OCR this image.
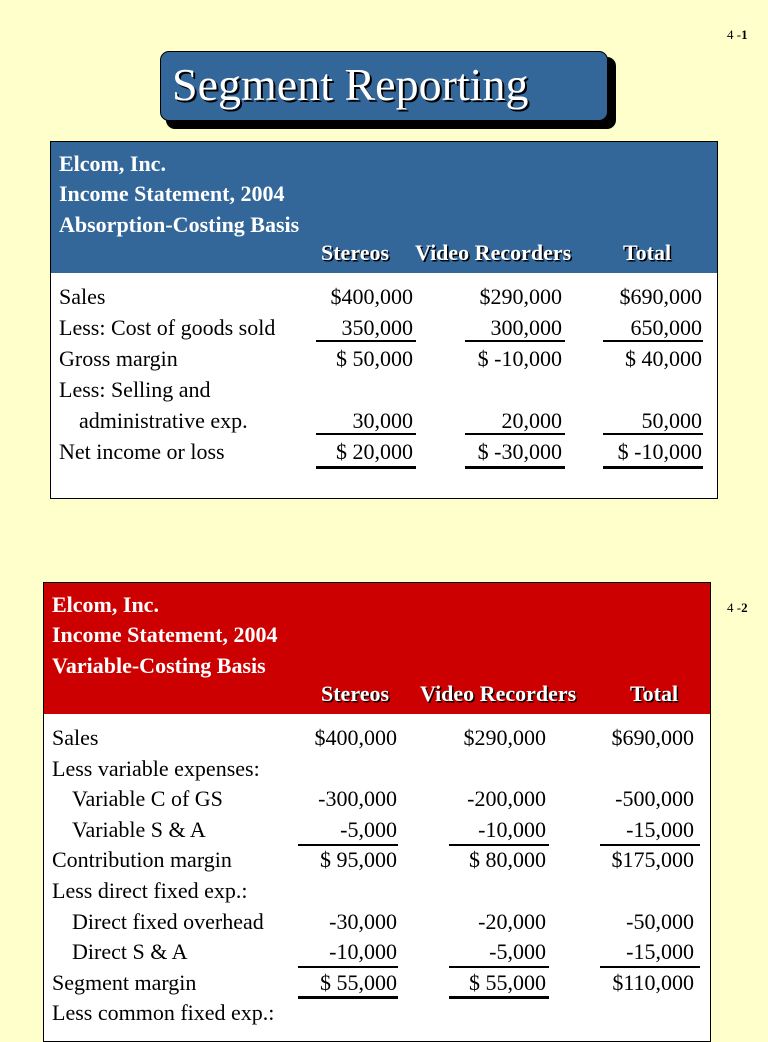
4 -1
4 -2
Segment Reporting
Elcom, Inc.
Income Statement, 2004
Absorption-Costing Basis
Stereos Video Recorders Total
Sales	$400,000	$290,000	$690,000
Less: Cost of goods sold	350,000	300,000	650,000
Gross margin	$ 50,000	$ -10,000	$ 40,000
Less: Selling and
administrative exp.	30,000	20,000	50,000
Net income or loss	$ 20,000	$ -30,000	$ -10,000
Elcom, Inc.
Income Statement, 2004
Variable-Costing Basis
Stereos Video Recorders Total
Sales	$400,000	$290,000	$690,000
Less variable expenses:
Variable C of GS	-300,000	-200,000	-500,000
Variable S & A	-5,000	-10,000	-15,000
Contribution margin	$ 95,000	$ 80,000	$175,000
Less direct fixed exp.:
Direct fixed overhead	-30,000	-20,000	-50,000
Direct S & A	-10,000	-5,000	-15,000
Segment margin	$ 55,000	$ 55,000	$110,000
Less common fixed exp.:
